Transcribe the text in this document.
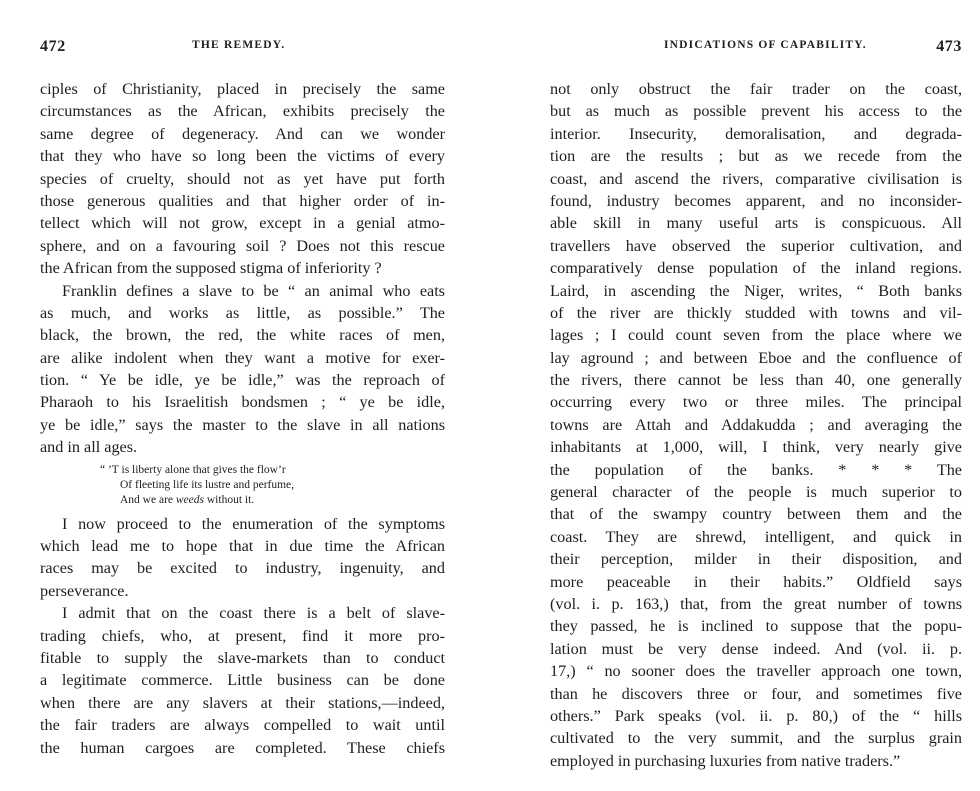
472	THE REMEDY.
ciples of Christianity, placed in precisely the same
circumstances as the African, exhibits precisely the
same degree of degeneracy. And can we wonder
that they who have so long been the victims of every
species of cruelty, should not as yet have put forth
those generous qualities and that higher order of in-
tellect which will not grow, except in a genial atmo-
sphere, and on a favouring soil ? Does not this rescue
the African from the supposed stigma of inferiority ?
Franklin defines a slave to be “ an animal who eats
as much, and works as little, as possible.” The
black, the brown, the red, the white races of men,
are alike indolent when they want a motive for exer-
tion. “ Ye be idle, ye be idle,” was the reproach of
Pharaoh to his Israelitish bondsmen ; “ ye be idle,
ye be idle,” says the master to the slave in all nations
and in all ages.
“ ’T is liberty alone that gives the flow’r
Of fleeting life its lustre and perfume,
And we are weeds without it.
I now proceed to the enumeration of the symptoms
which lead me to hope that in due time the African
races may be excited to industry, ingenuity, and
perseverance.
I admit that on the coast there is a belt of slave-
trading chiefs, who, at present, find it more pro-
fitable to supply the slave-markets than to conduct
a legitimate commerce. Little business can be done
when there are any slavers at their stations,—indeed,
the fair traders are always compelled to wait until
the human cargoes are completed. These chiefs
INDICATIONS OF CAPABILITY.	473
not only obstruct the fair trader on the coast,
but as much as possible prevent his access to the
interior. Insecurity, demoralisation, and degrada-
tion are the results ; but as we recede from the
coast, and ascend the rivers, comparative civilisation is
found, industry becomes apparent, and no inconsider-
able skill in many useful arts is conspicuous. All
travellers have observed the superior cultivation, and
comparatively dense population of the inland regions.
Laird, in ascending the Niger, writes, “ Both banks
of the river are thickly studded with towns and vil-
lages ; I could count seven from the place where we
lay aground ; and between Eboe and the confluence of
the rivers, there cannot be less than 40, one generally
occurring every two or three miles. The principal
towns are Attah and Addakudda ; and averaging the
inhabitants at 1,000, will, I think, very nearly give
the population of the banks. * * * The
general character of the people is much superior to
that of the swampy country between them and the
coast. They are shrewd, intelligent, and quick in
their perception, milder in their disposition, and
more peaceable in their habits.” Oldfield says
(vol. i. p. 163,) that, from the great number of towns
they passed, he is inclined to suppose that the popu-
lation must be very dense indeed. And (vol. ii. p.
17,) “ no sooner does the traveller approach one town,
than he discovers three or four, and sometimes five
others.” Park speaks (vol. ii. p. 80,) of the “ hills
cultivated to the very summit, and the surplus grain
employed in purchasing luxuries from native traders.”
